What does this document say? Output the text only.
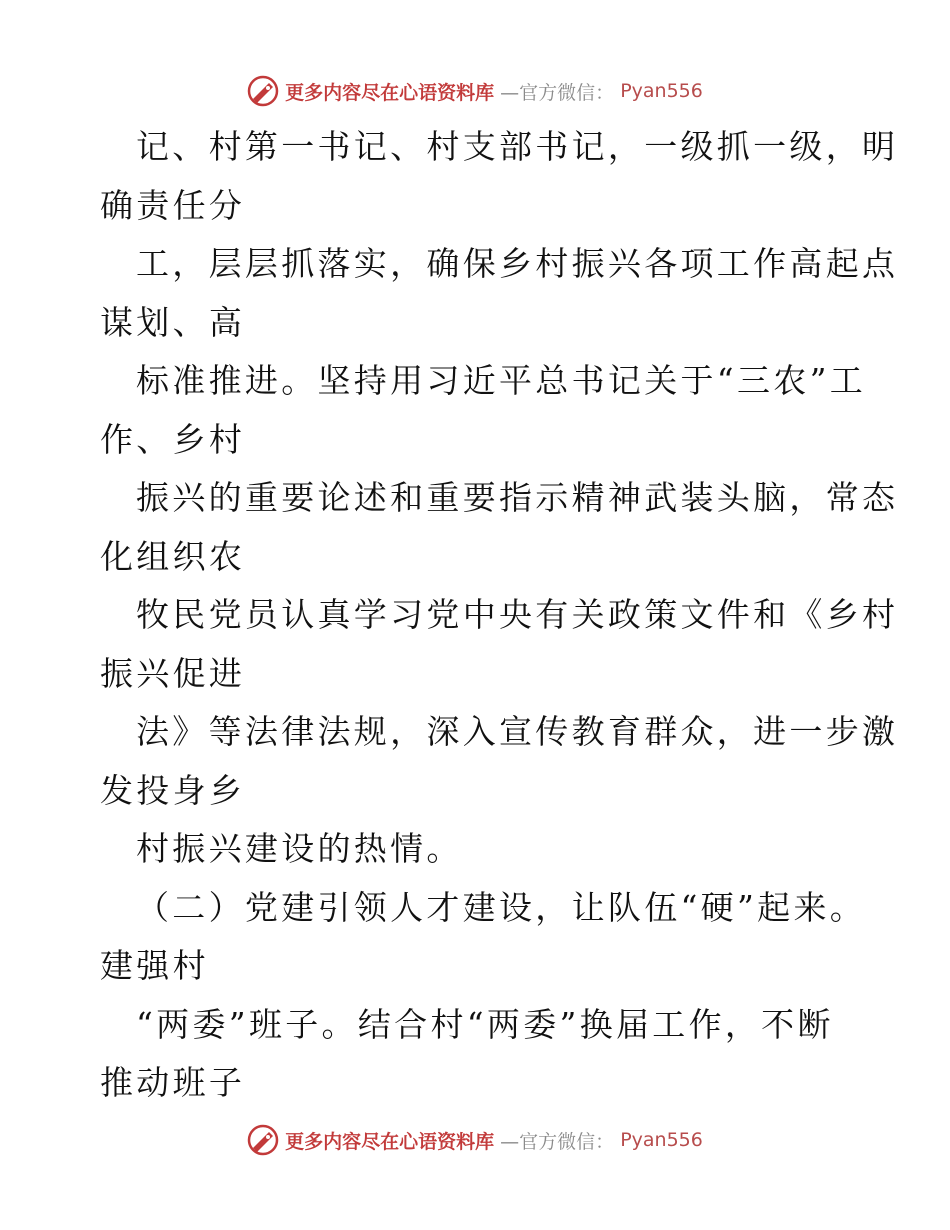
更多内容尽在心语资料库 —官方微信： Pyan556
记、村第一书记、村支部书记，一级抓一级，明
确责任分
工，层层抓落实，确保乡村振兴各项工作高起点
谋划、高
标准推进。坚持用习近平总书记关于“三农”工
作、乡村
振兴的重要论述和重要指示精神武装头脑，常态
化组织农
牧民党员认真学习党中央有关政策文件和《乡村
振兴促进
法》等法律法规，深入宣传教育群众，进一步激
发投身乡
村振兴建设的热情。
（二）党建引领人才建设，让队伍“硬”起来。
建强村
“两委”班子。结合村“两委”换届工作，不断
推动班子
更多内容尽在心语资料库 —官方微信： Pyan556
